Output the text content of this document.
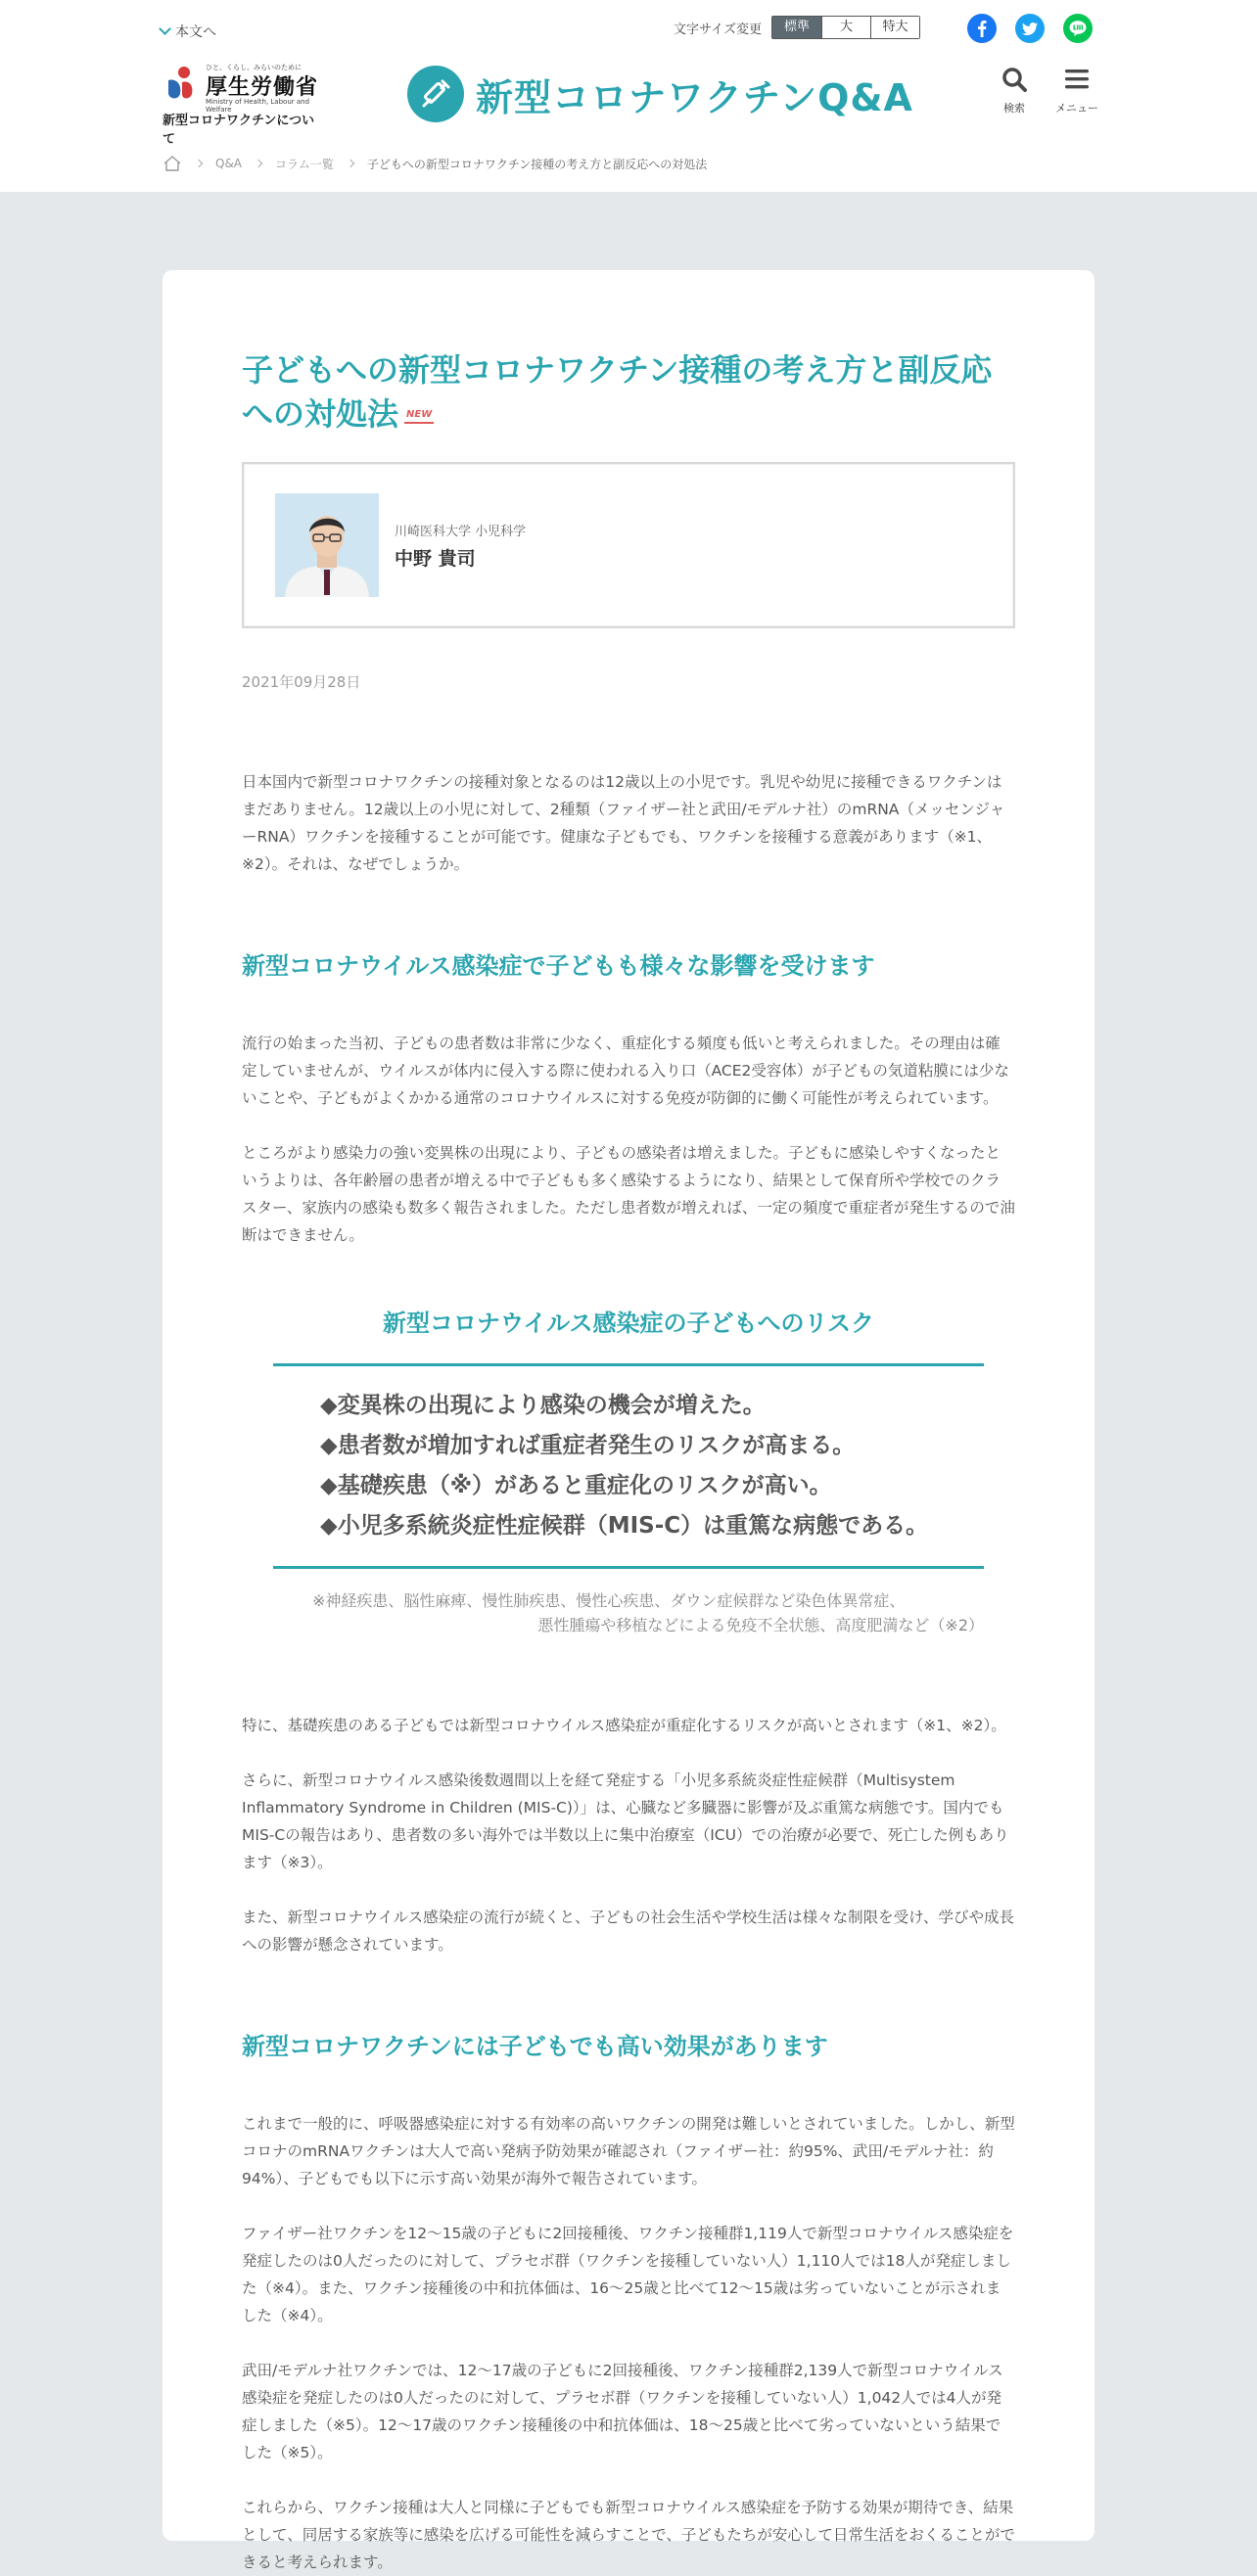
本文へ
ひと、くらし、みらいのために
厚生労働省
Ministry of Health, Labour and Welfare
新型コロナワクチンについて
文字サイズ変更	標準	大	特大
新型コロナワクチンQ&A	検索	メニュー
Q&A	コラム一覧	子どもへの新型コロナワクチン接種の考え方と副反応への対処法
子どもへの新型コロナワクチン接種の考え方と副反応への対処法 NEW
川崎医科大学 小児科学
中野 貴司
2021年09月28日

日本国内で新型コロナワクチンの接種対象となるのは12歳以上の小児です。乳児や幼児に接種できるワクチンはまだありません。12歳以上の小児に対して、2種類（ファイザー社と武田/モデルナ社）のmRNA（メッセンジャーRNA）ワクチンを接種することが可能です。健康な子どもでも、ワクチンを接種する意義があります（※1、※2）。それは、なぜでしょうか。

新型コロナウイルス感染症で子どもも様々な影響を受けます

流行の始まった当初、子どもの患者数は非常に少なく、重症化する頻度も低いと考えられました。その理由は確定していませんが、ウイルスが体内に侵入する際に使われる入り口（ACE2受容体）が子どもの気道粘膜には少ないことや、子どもがよくかかる通常のコロナウイルスに対する免疫が防御的に働く可能性が考えられています。

ところがより感染力の強い変異株の出現により、子どもの感染者は増えました。子どもに感染しやすくなったというよりは、各年齢層の患者が増える中で子どもも多く感染するようになり、結果として保育所や学校でのクラスター、家族内の感染も数多く報告されました。ただし患者数が増えれば、一定の頻度で重症者が発生するので油断はできません。

新型コロナウイルス感染症の子どもへのリスク
◆変異株の出現により感染の機会が増えた。
◆患者数が増加すれば重症者発生のリスクが高まる。
◆基礎疾患（※）があると重症化のリスクが高い。
◆小児多系統炎症性症候群（MIS-C）は重篤な病態である。
※神経疾患、脳性麻痺、慢性肺疾患、慢性心疾患、ダウン症候群など染色体異常症、
悪性腫瘍や移植などによる免疫不全状態、高度肥満など（※2）

特に、基礎疾患のある子どもでは新型コロナウイルス感染症が重症化するリスクが高いとされます（※1、※2）。

さらに、新型コロナウイルス感染後数週間以上を経て発症する「小児多系統炎症性症候群（Multisystem Inflammatory Syndrome in Children (MIS-C)）」は、心臓など多臓器に影響が及ぶ重篤な病態です。国内でもMIS-Cの報告はあり、患者数の多い海外では半数以上に集中治療室（ICU）での治療が必要で、死亡した例もあります（※3）。

また、新型コロナウイルス感染症の流行が続くと、子どもの社会生活や学校生活は様々な制限を受け、学びや成長への影響が懸念されています。

新型コロナワクチンには子どもでも高い効果があります

これまで一般的に、呼吸器感染症に対する有効率の高いワクチンの開発は難しいとされていました。しかし、新型コロナのmRNAワクチンは大人で高い発病予防効果が確認され（ファイザー社：約95%、武田/モデルナ社：約94%）、子どもでも以下に示す高い効果が海外で報告されています。

ファイザー社ワクチンを12～15歳の子どもに2回接種後、ワクチン接種群1,119人で新型コロナウイルス感染症を発症したのは0人だったのに対して、プラセボ群（ワクチンを接種していない人）1,110人では18人が発症しました（※4）。また、ワクチン接種後の中和抗体価は、16～25歳と比べて12～15歳は劣っていないことが示されました（※4）。

武田/モデルナ社ワクチンでは、12～17歳の子どもに2回接種後、ワクチン接種群2,139人で新型コロナウイルス感染症を発症したのは0人だったのに対して、プラセボ群（ワクチンを接種していない人）1,042人では4人が発症しました（※5）。12～17歳のワクチン接種後の中和抗体価は、18～25歳と比べて劣っていないという結果でした（※5）。

これらから、ワクチン接種は大人と同様に子どもでも新型コロナウイルス感染症を予防する効果が期待でき、結果として、同居する家族等に感染を広げる可能性を減らすことで、子どもたちが安心して日常生活をおくることができると考えられます。
